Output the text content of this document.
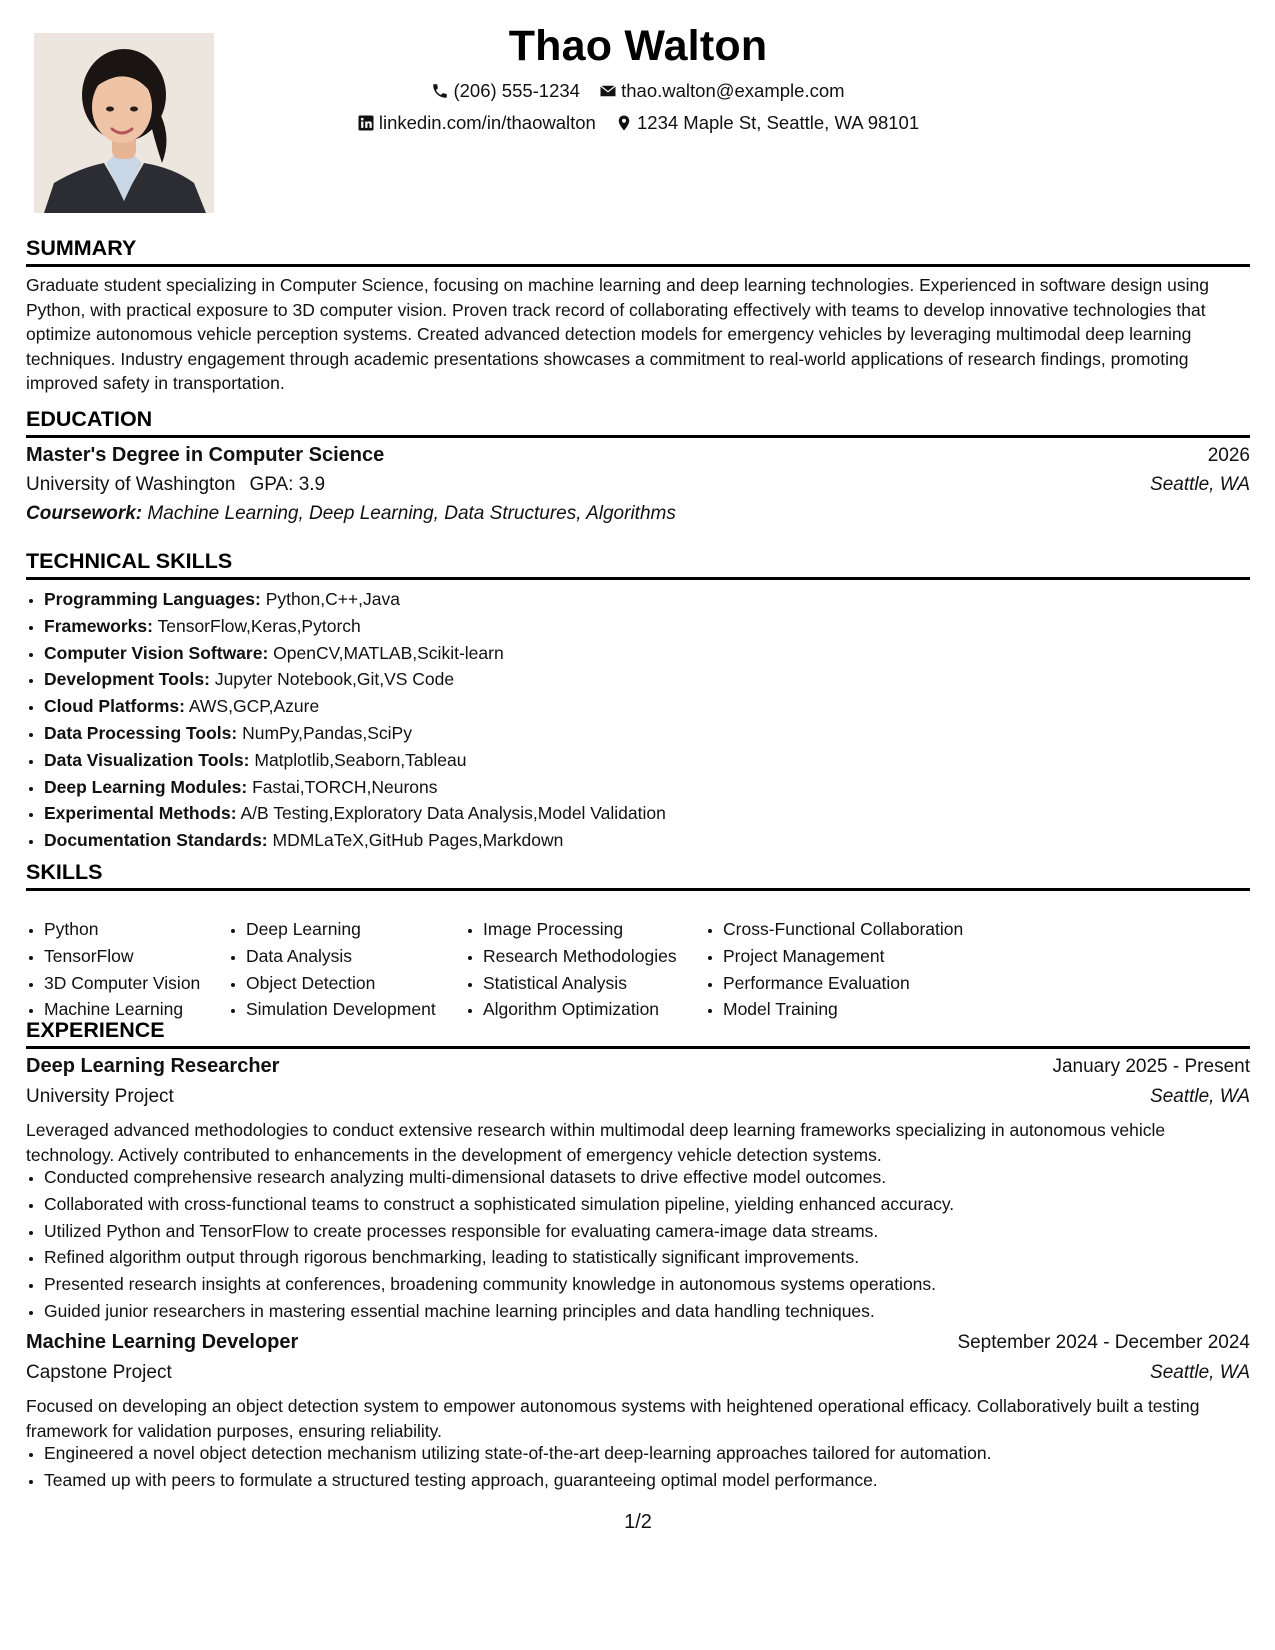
Thao Walton
(206) 555-1234
thao.walton@example.com
linkedin.com/in/thaowalton
1234 Maple St, Seattle, WA 98101
SUMMARY
Graduate student specializing in Computer Science, focusing on machine learning and deep learning technologies. Experienced in software design using Python, with practical exposure to 3D computer vision. Proven track record of collaborating effectively with teams to develop innovative technologies that optimize autonomous vehicle perception systems. Created advanced detection models for emergency vehicles by leveraging multimodal deep learning techniques. Industry engagement through academic presentations showcases a commitment to real-world applications of research findings, promoting improved safety in transportation.
EDUCATION
Master's Degree in Computer Science	2026
University of Washington GPA: 3.9	Seattle, WA
Coursework: Machine Learning, Deep Learning, Data Structures, Algorithms
TECHNICAL SKILLS
• Programming Languages: Python,C++,Java
• Frameworks: TensorFlow,Keras,Pytorch
• Computer Vision Software: OpenCV,MATLAB,Scikit-learn
• Development Tools: Jupyter Notebook,Git,VS Code
• Cloud Platforms: AWS,GCP,Azure
• Data Processing Tools: NumPy,Pandas,SciPy
• Data Visualization Tools: Matplotlib,Seaborn,Tableau
• Deep Learning Modules: Fastai,TORCH,Neurons
• Experimental Methods: A/B Testing,Exploratory Data Analysis,Model Validation
• Documentation Standards: MDMLaTeX,GitHub Pages,Markdown
SKILLS
• Python
• TensorFlow
• 3D Computer Vision
• Machine Learning
• Deep Learning
• Data Analysis
• Object Detection
• Simulation Development
• Image Processing
• Research Methodologies
• Statistical Analysis
• Algorithm Optimization
• Cross-Functional Collaboration
• Project Management
• Performance Evaluation
• Model Training
EXPERIENCE
Deep Learning Researcher	January 2025 - Present
University Project	Seattle, WA
Leveraged advanced methodologies to conduct extensive research within multimodal deep learning frameworks specializing in autonomous vehicle technology. Actively contributed to enhancements in the development of emergency vehicle detection systems.
• Conducted comprehensive research analyzing multi-dimensional datasets to drive effective model outcomes.
• Collaborated with cross-functional teams to construct a sophisticated simulation pipeline, yielding enhanced accuracy.
• Utilized Python and TensorFlow to create processes responsible for evaluating camera-image data streams.
• Refined algorithm output through rigorous benchmarking, leading to statistically significant improvements.
• Presented research insights at conferences, broadening community knowledge in autonomous systems operations.
• Guided junior researchers in mastering essential machine learning principles and data handling techniques.
Machine Learning Developer	September 2024 - December 2024
Capstone Project	Seattle, WA
Focused on developing an object detection system to empower autonomous systems with heightened operational efficacy. Collaboratively built a testing framework for validation purposes, ensuring reliability.
• Engineered a novel object detection mechanism utilizing state-of-the-art deep-learning approaches tailored for automation.
• Teamed up with peers to formulate a structured testing approach, guaranteeing optimal model performance.
1/2
